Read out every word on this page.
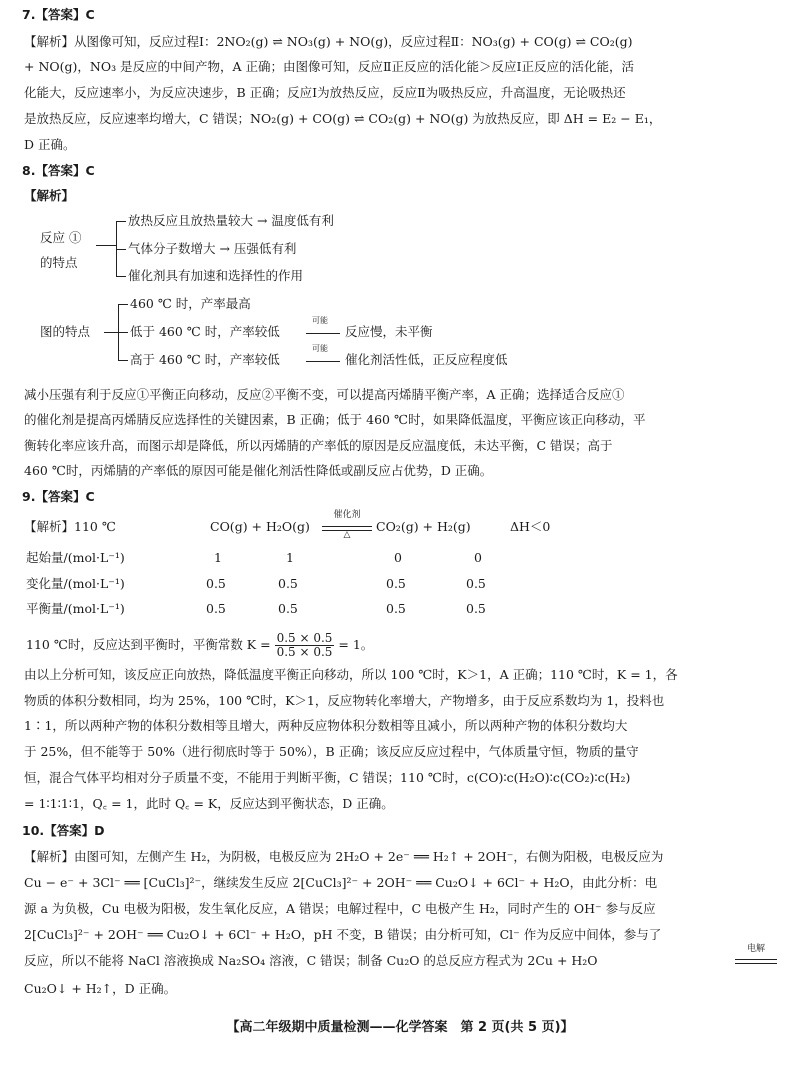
7.【答案】C
【解析】从图像可知，反应过程Ⅰ：2NO₂(g) ⇌ NO₃(g) + NO(g)，反应过程Ⅱ：NO₃(g) + CO(g) ⇌ CO₂(g)
+ NO(g)，NO₃ 是反应的中间产物，A 正确；由图像可知，反应Ⅱ正反应的活化能＞反应Ⅰ正反应的活化能，活
化能大，反应速率小，为反应决速步，B 正确；反应Ⅰ为放热反应，反应Ⅱ为吸热反应，升高温度，无论吸热还
是放热反应，反应速率均增大，C 错误；NO₂(g) + CO(g) ⇌ CO₂(g) + NO(g) 为放热反应，即 ΔH = E₂ − E₁，
D 正确。
8.【答案】C
【解析】
反应 ①
的特点
放热反应且放热量较大 → 温度低有利
气体分子数增大 → 压强低有利
催化剂具有加速和选择性的作用
图的特点
460 ℃ 时，产率最高
低于 460 ℃ 时，产率较低
可能
反应慢，未平衡
高于 460 ℃ 时，产率较低
可能
催化剂活性低，正反应程度低
减小压强有利于反应①平衡正向移动，反应②平衡不变，可以提高丙烯腈平衡产率，A 正确；选择适合反应①
的催化剂是提高丙烯腈反应选择性的关键因素，B 正确；低于 460 ℃时，如果降低温度，平衡应该正向移动，平
衡转化率应该升高，而图示却是降低，所以丙烯腈的产率低的原因是反应温度低，未达平衡，C 错误；高于
460 ℃时，丙烯腈的产率低的原因可能是催化剂活性降低或副反应占优势，D 正确。
9.【答案】C
【解析】110 ℃	CO(g) + H₂O(g)
催化剂
△
CO₂(g) + H₂(g)	ΔH＜0
起始量/(mol·L⁻¹)	1	1	0	0
变化量/(mol·L⁻¹)	0.5	0.5	0.5	0.5
平衡量/(mol·L⁻¹)	0.5	0.5	0.5	0.5
110 ℃时，反应达到平衡时，平衡常数 $K = \frac{0.5 \times 0.5}{0.5 \times 0.5} = 1$。
由以上分析可知，该反应正向放热，降低温度平衡正向移动，所以 100 ℃时，K＞1，A 正确；110 ℃时，K = 1，各
物质的体积分数相同，均为 25%，100 ℃时，K＞1，反应物转化率增大，产物增多，由于反应系数均为 1，投料也
1∶1，所以两种产物的体积分数相等且增大，两种反应物体积分数相等且减小，所以两种产物的体积分数均大
于 25%，但不能等于 50%（进行彻底时等于 50%），B 正确；该反应反应过程中，气体质量守恒，物质的量守
恒，混合气体平均相对分子质量不变，不能用于判断平衡，C 错误；110 ℃时，c(CO)∶c(H₂O)∶c(CO₂)∶c(H₂)
= 1∶1∶1∶1，Q꜀ = 1，此时 Q꜀ = K，反应达到平衡状态，D 正确。
10.【答案】D
【解析】由图可知，左侧产生 H₂，为阴极，电极反应为 2H₂O + 2e⁻ ══ H₂↑ + 2OH⁻，右侧为阳极，电极反应为
Cu − e⁻ + 3Cl⁻ ══ [CuCl₃]²⁻，继续发生反应 2[CuCl₃]²⁻ + 2OH⁻ ══ Cu₂O↓ + 6Cl⁻ + H₂O，由此分析：电
源 a 为负极，Cu 电极为阳极，发生氧化反应，A 错误；电解过程中，C 电极产生 H₂，同时产生的 OH⁻ 参与反应
2[CuCl₃]²⁻ + 2OH⁻ ══ Cu₂O↓ + 6Cl⁻ + H₂O，pH 不变，B 错误；由分析可知，Cl⁻ 作为反应中间体，参与了
反应，所以不能将 NaCl 溶液换成 Na₂SO₄ 溶液，C 错误；制备 Cu₂O 的总反应方程式为 2Cu + H₂O
电解
Cu₂O↓ + H₂↑，D 正确。
【高二年级期中质量检测——化学答案　第 2 页(共 5 页)】
